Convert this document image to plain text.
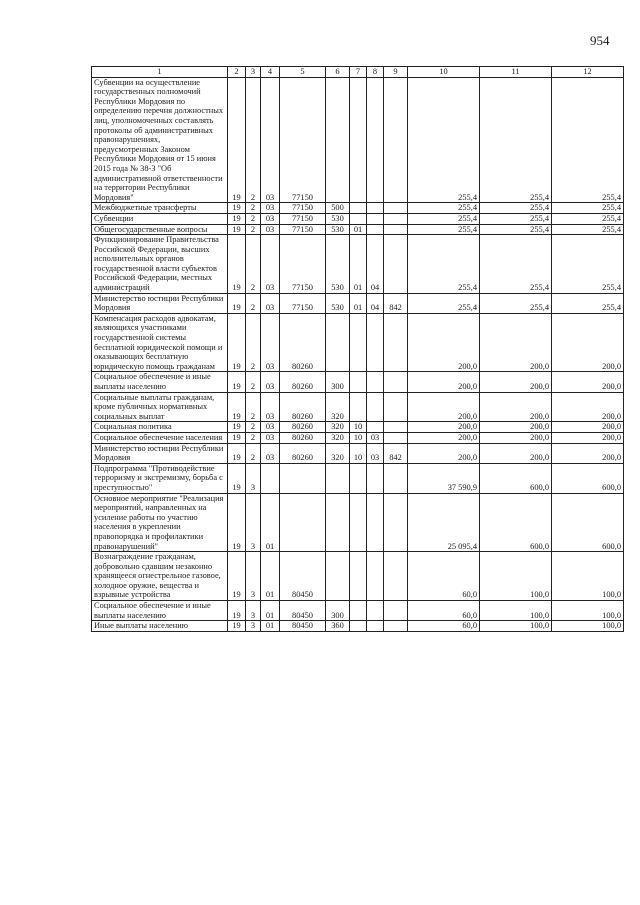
954
1	2	3	4	5	6	7	8	9	10	11	12
Субвенции на осуществление государственных полномочий Республики Мордовия по определению перечня должностных лиц, уполномоченных составлять протоколы об административных правонарушениях, предусмотренных Законом Республики Мордовия от 15 июня 2015 года № 38-З "Об административной ответственности на территории Республики Мордовия"	19	2	03	77150					255,4	255,4	255,4
Межбюджетные трансферты	19	2	03	77150	500				255,4	255,4	255,4
Субвенции	19	2	03	77150	530				255,4	255,4	255,4
Общегосударственные вопросы	19	2	03	77150	530	01			255,4	255,4	255,4
Функционирование Правительства Российской Федерации, высших исполнительных органов государственной власти субъектов Российской Федерации, местных администраций	19	2	03	77150	530	01	04		255,4	255,4	255,4
Министерство юстиции Республики Мордовия	19	2	03	77150	530	01	04	842	255,4	255,4	255,4
Компенсация расходов адвокатам, являющихся участниками государственной системы бесплатной юридической помощи и оказывающих бесплатную юридическую помощь гражданам	19	2	03	80260					200,0	200,0	200,0
Социальное обеспечение и иные выплаты населению	19	2	03	80260	300				200,0	200,0	200,0
Социальные выплаты гражданам, кроме публичных нормативных социальных выплат	19	2	03	80260	320				200,0	200,0	200,0
Социальная политика	19	2	03	80260	320	10			200,0	200,0	200,0
Социальное обеспечение населения	19	2	03	80260	320	10	03		200,0	200,0	200,0
Министерство юстиции Республики Мордовия	19	2	03	80260	320	10	03	842	200,0	200,0	200,0
Подпрограмма "Противодействие терроризму и экстремизму, борьба с преступностью"	19	3							37 590,9	600,0	600,0
Основное мероприятие "Реализация мероприятий, направленных на усиление работы по участию населения в укреплении правопорядка и профилактики правонарушений"	19	3	01						25 095,4	600,0	600,0
Вознаграждение гражданам, добровольно сдавшим незаконно хранящееся огнестрельное газовое, холодное оружие, вещества и взрывные устройства	19	3	01	80450					60,0	100,0	100,0
Социальное обеспечение и иные выплаты населению	19	3	01	80450	300				60,0	100,0	100,0
Иные выплаты населению	19	3	01	80450	360				60,0	100,0	100,0
